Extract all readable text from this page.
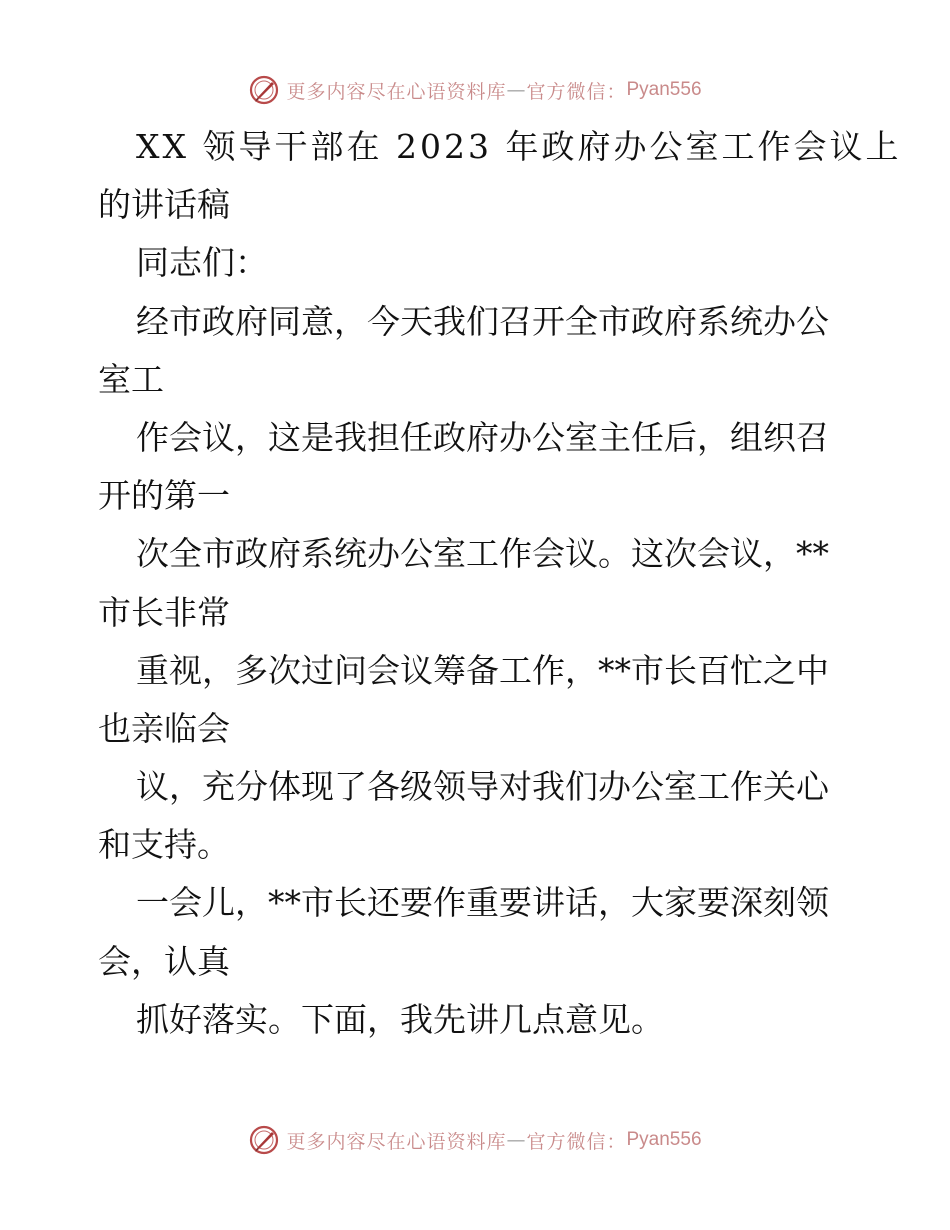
更多内容尽在心语资料库 — 官方微信： Pyan556
XX 领导干部在 2023 年政府办公室工作会议上
的讲话稿
同志们：
经市政府同意，今天我们召开全市政府系统办公
室工
作会议，这是我担任政府办公室主任后，组织召
开的第一
次全市政府系统办公室工作会议。这次会议，**
市长非常
重视，多次过问会议筹备工作，**市长百忙之中
也亲临会
议，充分体现了各级领导对我们办公室工作关心
和支持。
一会儿，**市长还要作重要讲话，大家要深刻领
会，认真
抓好落实。下面，我先讲几点意见。
更多内容尽在心语资料库 — 官方微信： Pyan556
